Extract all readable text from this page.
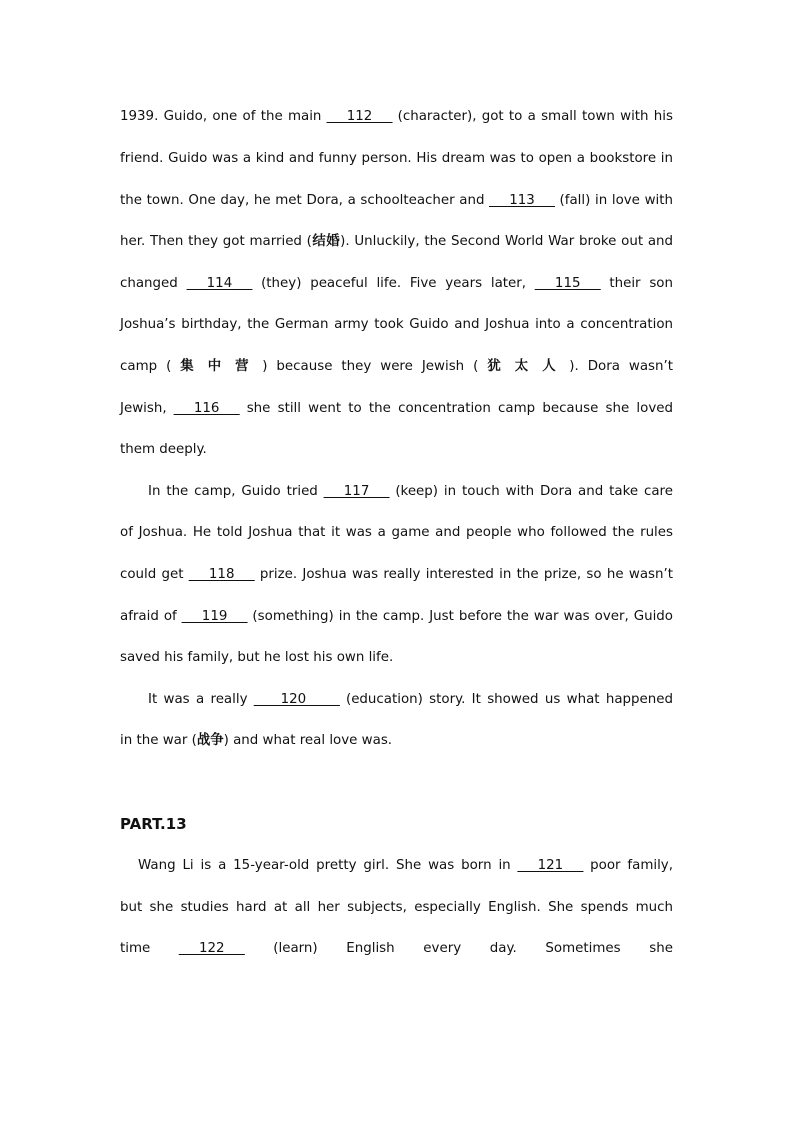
1939. Guido, one of the main ___112___ (character), got to a small town with his
friend. Guido was a kind and funny person. His dream was to open a bookstore in
the town. One day, he met Dora, a schoolteacher and ___113___ (fall) in love with
her. Then they got married (结婚). Unluckily, the Second World War broke out and
changed ___114___ (they) peaceful life. Five years later, ___115___ their son
Joshua’s birthday, the German army took Guido and Joshua into a concentration
camp ( 集 中 营 ) because they were Jewish ( 犹 太 人 ). Dora wasn’t
Jewish, ___116___ she still went to the concentration camp because she loved
them deeply.
In the camp, Guido tried ___117___ (keep) in touch with Dora and take care
of Joshua. He told Joshua that it was a game and people who followed the rules
could get ___118___ prize. Joshua was really interested in the prize, so he wasn’t
afraid of ___119___ (something) in the camp. Just before the war was over, Guido
saved his family, but he lost his own life.
It was a really ____120_____ (education) story. It showed us what happened
in the war (战争) and what real love was.
PART.13
Wang Li is a 15-year-old pretty girl. She was born in ___121___ poor family,
but she studies hard at all her subjects, especially English. She spends much
time ___122___ (learn) English every day. Sometimes she
